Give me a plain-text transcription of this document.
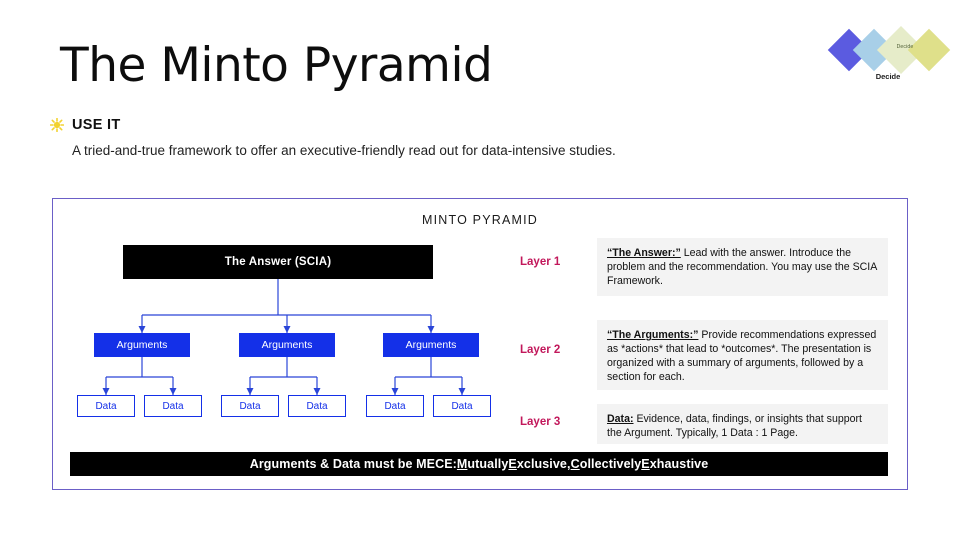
Decide
Decide
The Minto Pyramid
USE IT
A tried-and-true framework to offer an executive-friendly read out for data-intensive studies.
MINTO PYRAMID
The Answer (SCIA)
Arguments	Arguments	Arguments
Data	Data	Data	Data	Data	Data
Layer 1
Layer 2
Layer 3
“The Answer:” Lead with the answer. Introduce the problem and the recommendation. You may use the SCIA Framework.
“The Arguments:” Provide recommendations expressed as *actions* that lead to *outcomes*. The presentation is organized with a summary of arguments, followed by a section for each.
Data: Evidence, data, findings, or insights that support the Argument. Typically, 1 Data : 1 Page.
Arguments & Data must be MECE: M utually E xclusive, C ollectively E xhaustive
